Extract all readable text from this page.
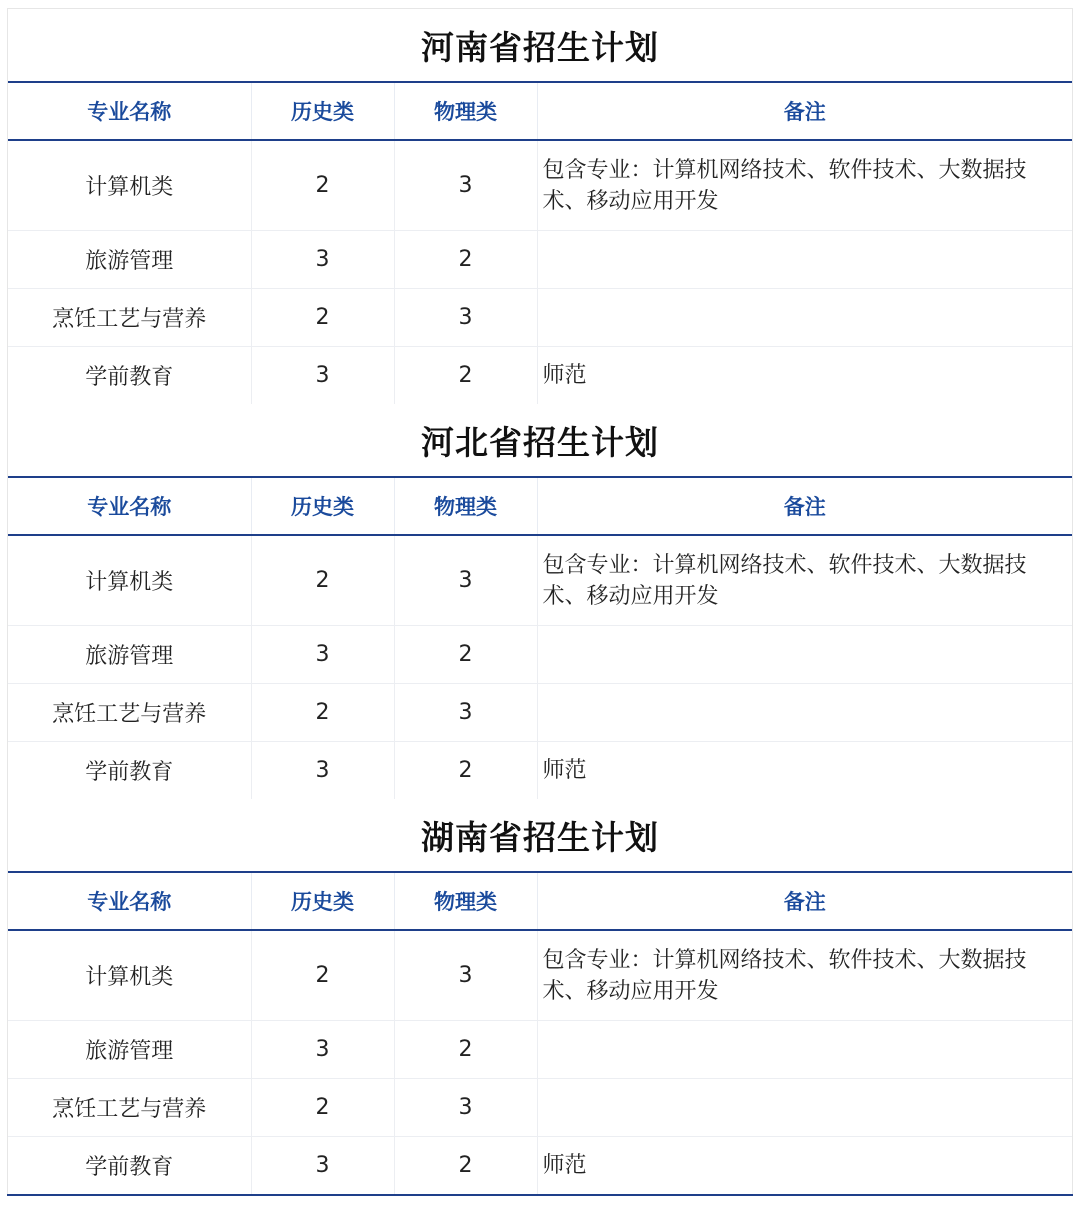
河南省招生计划
专业名称	历史类	物理类	备注
计算机类	2	3	包含专业：计算机网络技术、软件技术、大数据技术、移动应用开发
旅游管理	3	2	
烹饪工艺与营养	2	3	
学前教育	3	2	师范
河北省招生计划
专业名称	历史类	物理类	备注
计算机类	2	3	包含专业：计算机网络技术、软件技术、大数据技术、移动应用开发
旅游管理	3	2	
烹饪工艺与营养	2	3	
学前教育	3	2	师范
湖南省招生计划
专业名称	历史类	物理类	备注
计算机类	2	3	包含专业：计算机网络技术、软件技术、大数据技术、移动应用开发
旅游管理	3	2	
烹饪工艺与营养	2	3	
学前教育	3	2	师范
